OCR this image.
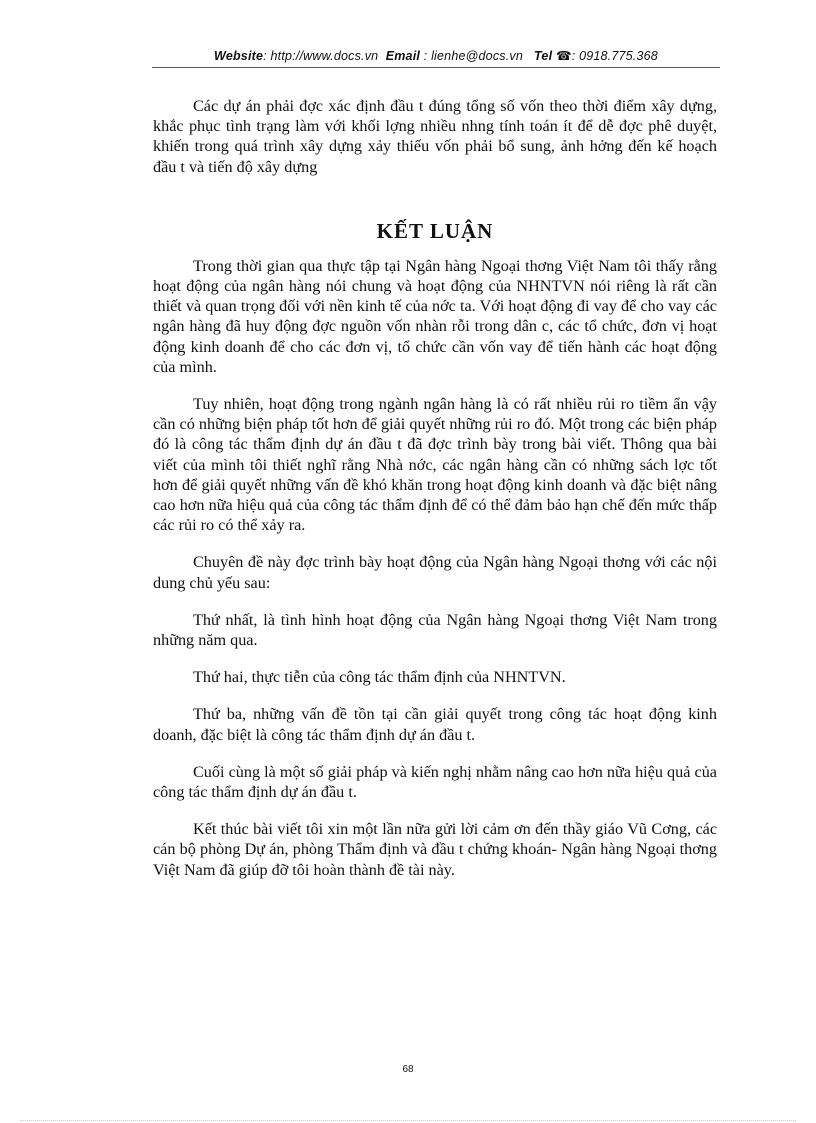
Website: http://www.docs.vn Email : lienhe@docs.vn Tel ☎: 0918.775.368

Các dự án phải đợc xác định đầu t đúng tổng số vốn theo thời điểm xây dựng, khắc phục tình trạng làm với khối lợng nhiều nhng tính toán ít để dễ đợc phê duyệt, khiến trong quá trình xây dựng xảy thiếu vốn phải bổ sung, ảnh hởng đến kế hoạch đầu t và tiến độ xây dựng

KẾT LUẬN

Trong thời gian qua thực tập tại Ngân hàng Ngoại thơng Việt Nam tôi thấy rằng hoạt động của ngân hàng nói chung và hoạt động của NHNTVN nói riêng là rất cần thiết và quan trọng đối với nền kinh tế của nớc ta. Với hoạt động đi vay để cho vay các ngân hàng đã huy động đợc nguồn vốn nhàn rỗi trong dân c, các tổ chức, đơn vị hoạt động kinh doanh để cho các đơn vị, tổ chức cần vốn vay để tiến hành các hoạt động của mình.

Tuy nhiên, hoạt động trong ngành ngân hàng là có rất nhiều rủi ro tiềm ẩn vậy cần có những biện pháp tốt hơn để giải quyết những rủi ro đó. Một trong các biện pháp đó là công tác thẩm định dự án đầu t đã đợc trình bày trong bài viết. Thông qua bài viết của mình tôi thiết nghĩ rằng Nhà nớc, các ngân hàng cần có những sách lợc tốt hơn để giải quyết những vấn đề khó khăn trong hoạt động kinh doanh và đặc biệt nâng cao hơn nữa hiệu quả của công tác thẩm định để có thể đảm bảo hạn chế đến mức thấp các rủi ro có thể xảy ra.

Chuyên đề này đợc trình bày hoạt động của Ngân hàng Ngoại thơng với các nội dung chủ yếu sau:

Thứ nhất, là tình hình hoạt động của Ngân hàng Ngoại thơng Việt Nam trong những năm qua.

Thứ hai, thực tiễn của công tác thẩm định của NHNTVN.

Thứ ba, những vấn đề tồn tại cần giải quyết trong công tác hoạt động kinh doanh, đặc biệt là công tác thẩm định dự án đầu t.

Cuối cùng là một số giải pháp và kiến nghị nhằm nâng cao hơn nữa hiệu quả của công tác thẩm định dự án đầu t.

Kết thúc bài viết tôi xin một lần nữa gửi lời cảm ơn đến thầy giáo Vũ Cơng, các cán bộ phòng Dự án, phòng Thẩm định và đầu t chứng khoán- Ngân hàng Ngoại thơng Việt Nam đã giúp đỡ tôi hoàn thành đề tài này.

68
